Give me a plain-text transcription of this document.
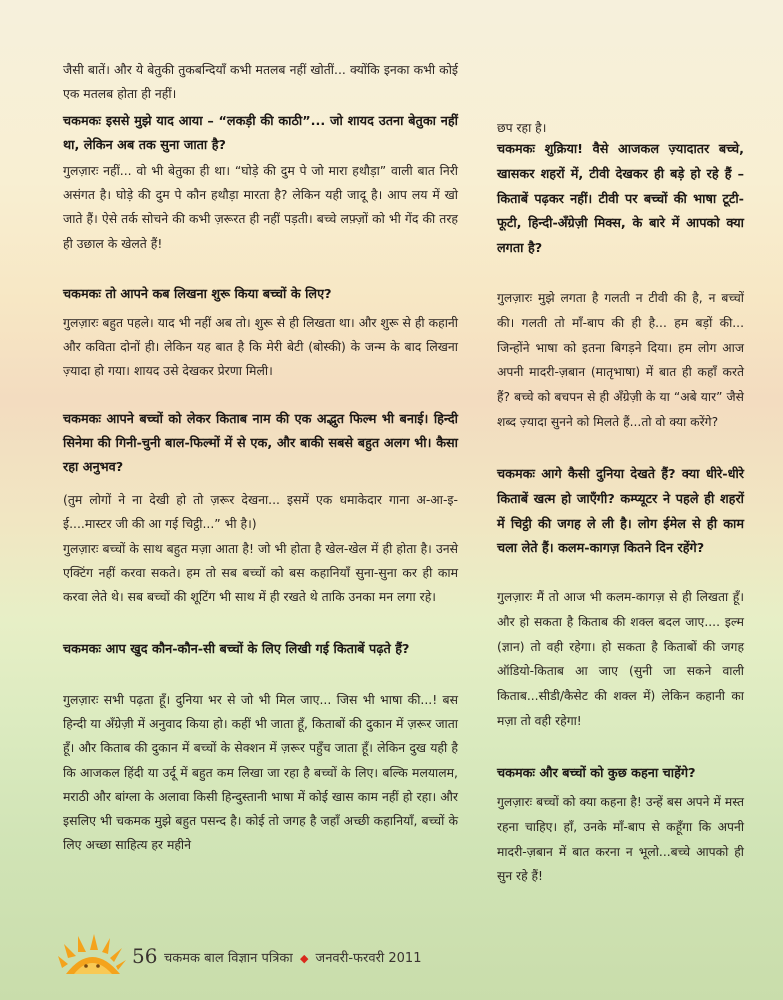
जैसी बातें। और ये बेतुकी तुकबन्दियाँ कभी मतलब नहीं खोतीं... क्योंकि इनका कभी कोई एक मतलब होता ही नहीं।

चकमकः इससे मुझे याद आया – “लकड़ी की काठी”... जो शायद उतना बेतुका नहीं था, लेकिन अब तक सुना जाता है?

गुलज़ारः नहीं... वो भी बेतुका ही था। “घोड़े की दुम पे जो मारा हथौड़ा” वाली बात निरी असंगत है। घोड़े की दुम पे कौन हथौड़ा मारता है? लेकिन यही जादू है। आप लय में खो जाते हैं। ऐसे तर्क सोचने की कभी ज़रूरत ही नहीं पड़ती। बच्चे लफ़्ज़ों को भी गेंद की तरह ही उछाल के खेलते हैं!

चकमकः तो आपने कब लिखना शुरू किया बच्चों के लिए?

गुलज़ारः बहुत पहले। याद भी नहीं अब तो। शुरू से ही लिखता था। और शुरू से ही कहानी और कविता दोनों ही। लेकिन यह बात है कि मेरी बेटी (बोस्की) के जन्म के बाद लिखना ज़्यादा हो गया। शायद उसे देखकर प्रेरणा मिली।

चकमकः आपने बच्चों को लेकर किताब नाम की एक अद्भुत फिल्म भी बनाई। हिन्दी सिनेमा की गिनी-चुनी बाल-फिल्मों में से एक, और बाकी सबसे बहुत अलग भी। कैसा रहा अनुभव?

(तुम लोगों ने ना देखी हो तो ज़रूर देखना... इसमें एक धमाकेदार गाना अ-आ-इ-ई....मास्टर जी की आ गई चिट्ठी...” भी है।)

गुलज़ारः बच्चों के साथ बहुत मज़ा आता है! जो भी होता है खेल-खेल में ही होता है। उनसे एक्टिंग नहीं करवा सकते। हम तो सब बच्चों को बस कहानियाँ सुना-सुना कर ही काम करवा लेते थे। सब बच्चों की शूटिंग भी साथ में ही रखते थे ताकि उनका मन लगा रहे।

चकमकः आप खुद कौन-कौन-सी बच्चों के लिए लिखी गई किताबें पढ़ते हैं?

गुलज़ारः सभी पढ़ता हूँ। दुनिया भर से जो भी मिल जाए... जिस भी भाषा की...! बस हिन्दी या अँग्रेज़ी में अनुवाद किया हो। कहीं भी जाता हूँ, किताबों की दुकान में ज़रूर जाता हूँ। और किताब की दुकान में बच्चों के सेक्शन में ज़रूर पहुँच जाता हूँ। लेकिन दुख यही है कि आजकल हिंदी या उर्दू में बहुत कम लिखा जा रहा है बच्चों के लिए। बल्कि मलयालम, मराठी और बांग्ला के अलावा किसी हिन्दुस्तानी भाषा में कोई खास काम नहीं हो रहा। और इसलिए भी चकमक मुझे बहुत पसन्द है। कोई तो जगह है जहाँ अच्छी कहानियाँ, बच्चों के लिए अच्छा साहित्य हर महीने

छप रहा है।

चकमकः शुक्रिया! वैसे आजकल ज़्यादातर बच्चे, खासकर शहरों में, टीवी देखकर ही बड़े हो रहे हैं – किताबें पढ़कर नहीं। टीवी पर बच्चों की भाषा टूटी-फूटी, हिन्दी-अँग्रेज़ी मिक्स, के बारे में आपको क्या लगता है?

गुलज़ारः मुझे लगता है गलती न टीवी की है, न बच्चों की। गलती तो माँ-बाप की ही है... हम बड़ों की... जिन्होंने भाषा को इतना बिगड़ने दिया। हम लोग आज अपनी मादरी-ज़बान (मातृभाषा) में बात ही कहाँ करते हैं? बच्चे को बचपन से ही अँग्रेज़ी के या “अबे यार” जैसे शब्द ज़्यादा सुनने को मिलते हैं...तो वो क्या करेंगे?

चकमकः आगे कैसी दुनिया देखते हैं? क्या धीरे-धीरे किताबें खत्म हो जाएँगी? कम्प्यूटर ने पहले ही शहरों में चिट्ठी की जगह ले ली है। लोग ईमेल से ही काम चला लेते हैं। कलम-कागज़ कितने दिन रहेंगे?

गुलज़ारः मैं तो आज भी कलम-कागज़ से ही लिखता हूँ। और हो सकता है किताब की शक्ल बदल जाए.... इल्म (ज्ञान) तो वही रहेगा। हो सकता है किताबों की जगह ऑडियो-किताब आ जाए (सुनी जा सकने वाली किताब...सीडी/कैसेट की शक्ल में) लेकिन कहानी का मज़ा तो वही रहेगा!

चकमकः और बच्चों को कुछ कहना चाहेंगे?

गुलज़ारः बच्चों को क्या कहना है! उन्हें बस अपने में मस्त रहना चाहिए। हाँ, उनके माँ-बाप से कहूँगा कि अपनी मादरी-ज़बान में बात करना न भूलो...बच्चे आपको ही सुन रहे हैं!

56 चकमक बाल विज्ञान पत्रिका ◆ जनवरी-फरवरी 2011
